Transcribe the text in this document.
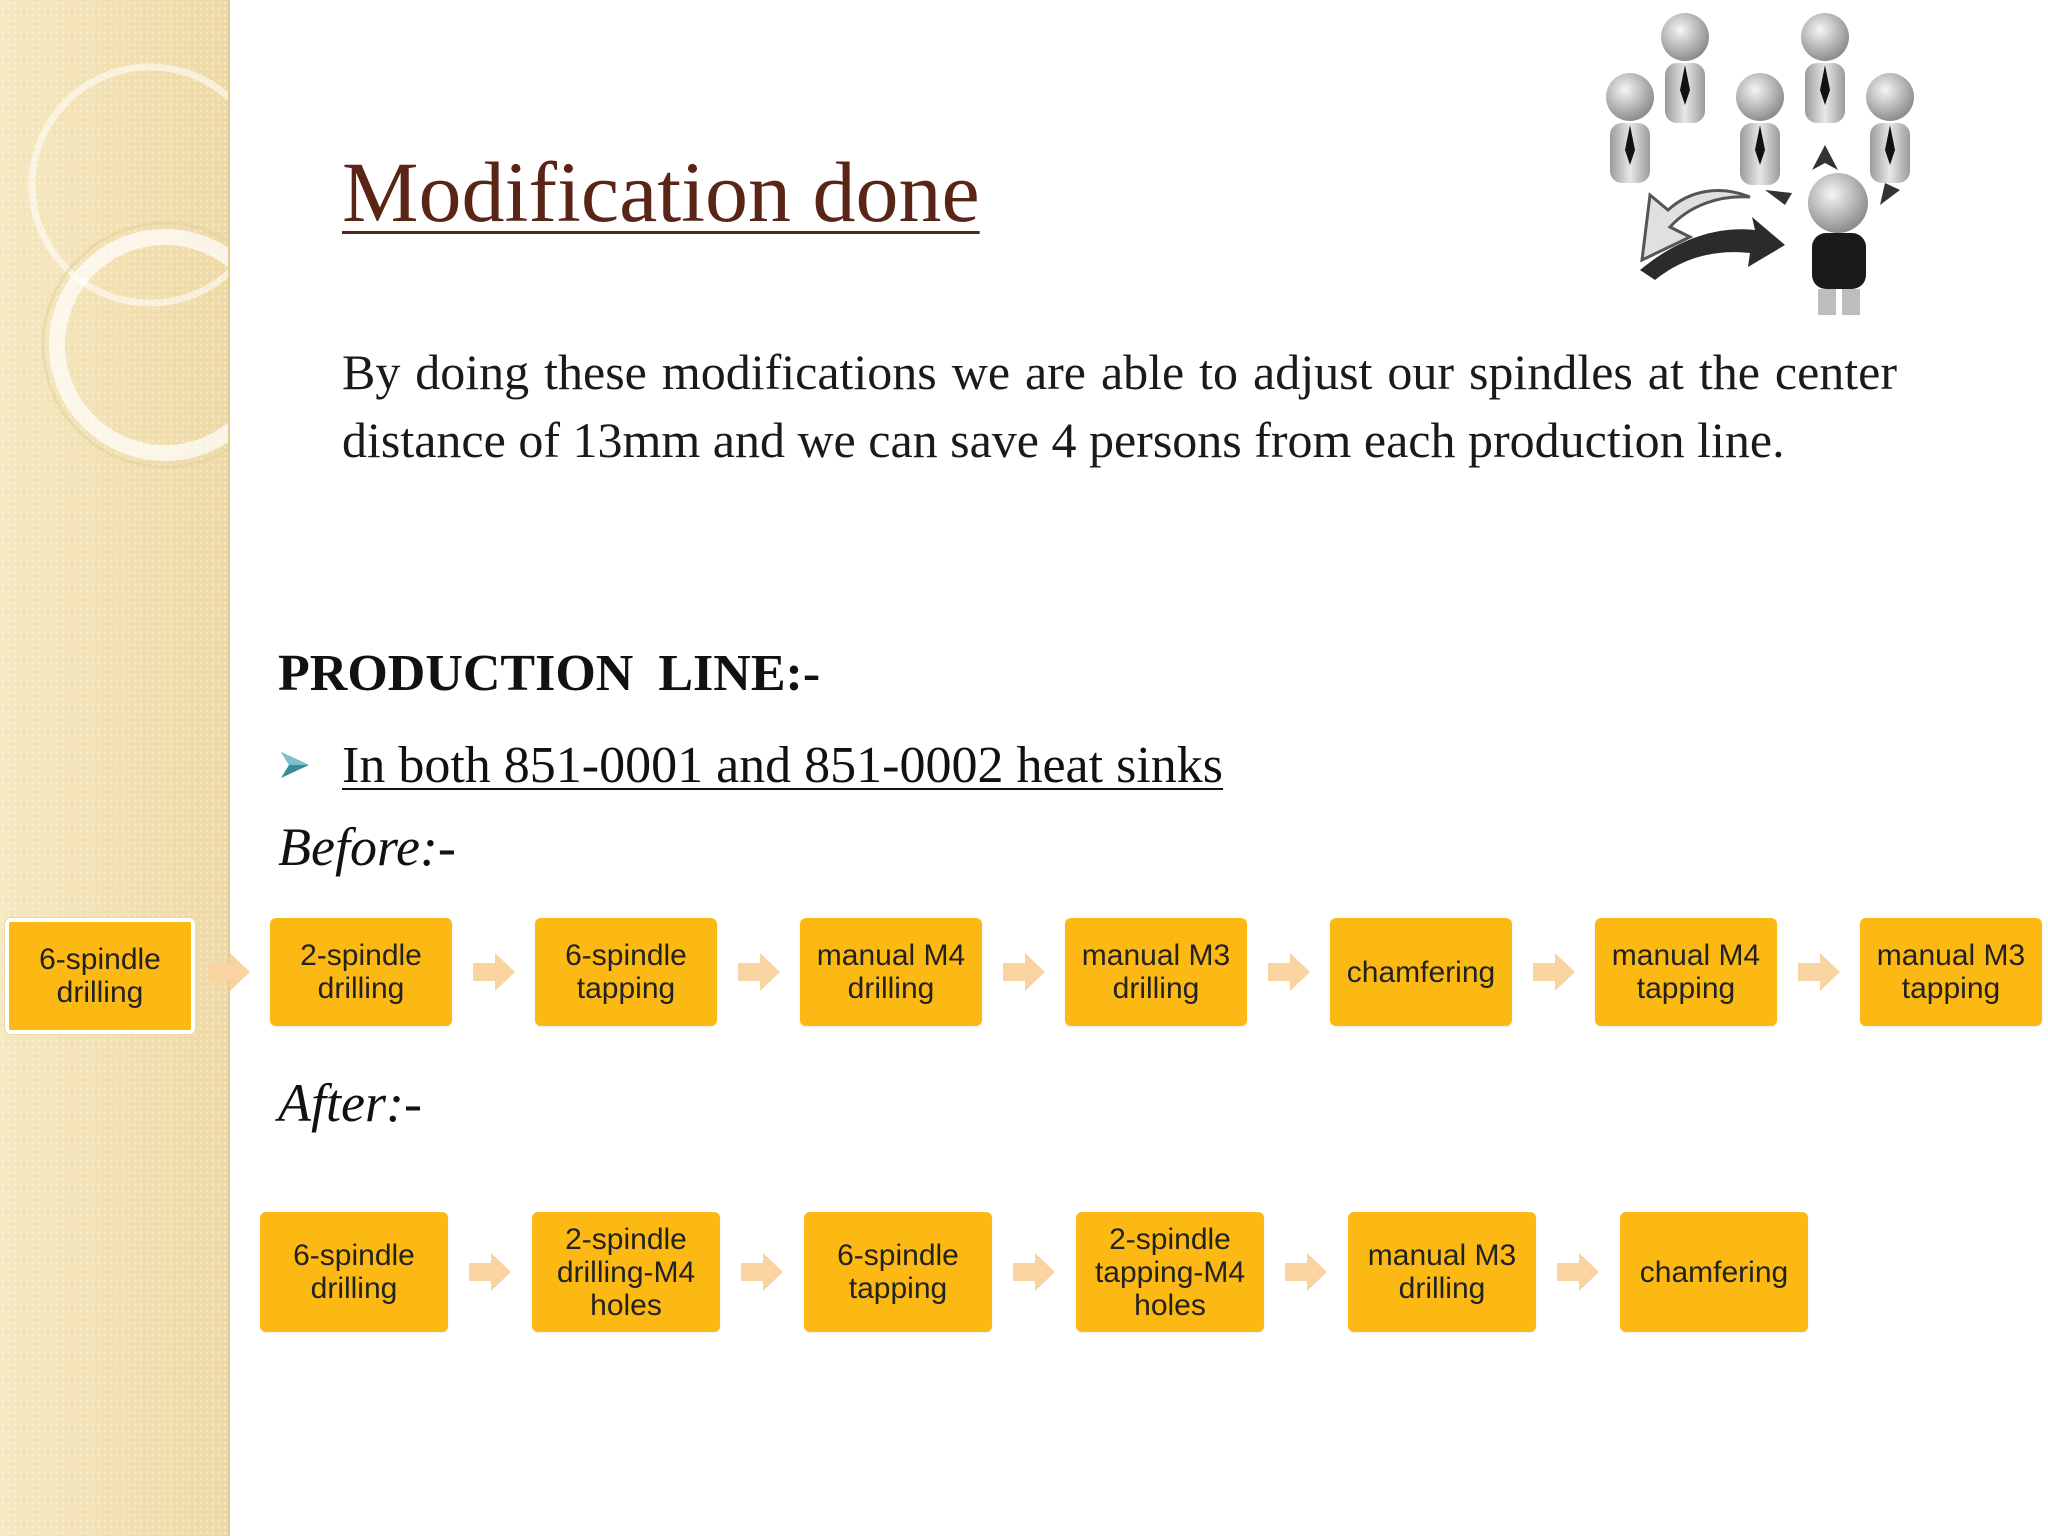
Modification done

By doing these modifications we are able to adjust our spindles at the center distance of 13mm and we can save 4 persons from each production line.

PRODUCTION LINE:-
In both 851-0001 and 851-0002 heat sinks

Before:-

After:-

6-spindle
drilling
2-spindle
drilling
6-spindle
tapping
manual M4
drilling
manual M3
drilling	chamfering	manual M4
tapping
manual M3
tapping
6-spindle
drilling
2-spindle
drilling-M4
holes
6-spindle
tapping
2-spindle
tapping-M4
holes
manual M3
drilling	chamfering
